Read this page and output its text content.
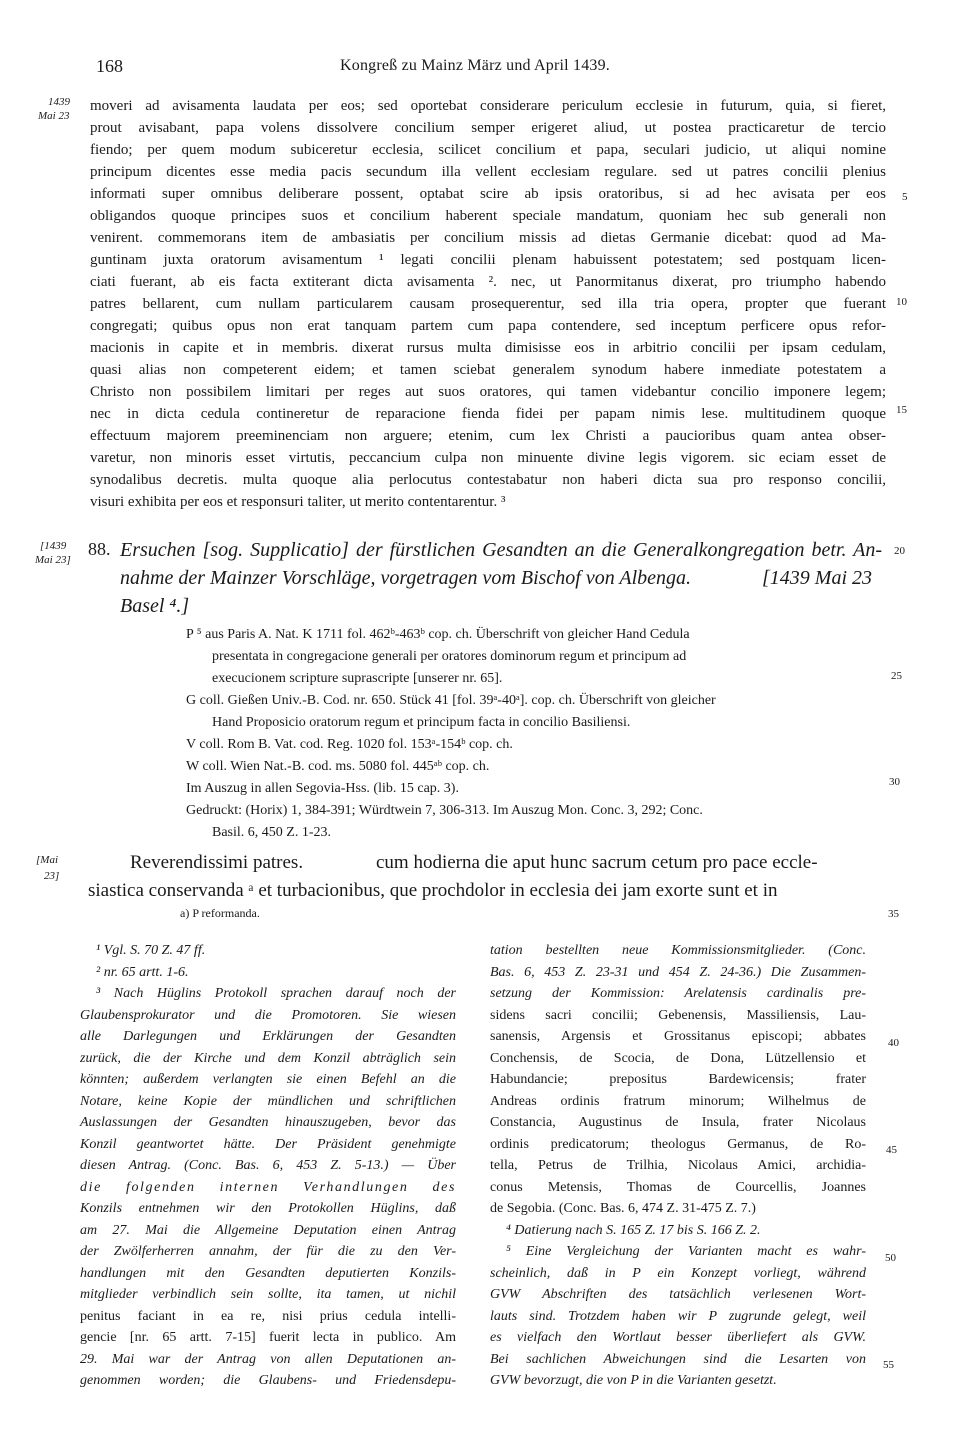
168	Kongreß zu Mainz März und April 1439.
1439
Mai 23
[1439
Mai 23]
[Mai
23]
5
10
15
20
25
30
35
40
45
50
55
moveri ad avisamenta laudata per eos; sed oportebat considerare periculum ecclesie in futurum, quia, si fieret,
prout avisabant, papa volens dissolvere concilium semper erigeret aliud, ut postea practicaretur de tercio
fiendo; per quem modum subiceretur ecclesia, scilicet concilium et papa, seculari judicio, ut aliqui nomine
principum dicentes esse media pacis secundum illa vellent ecclesiam regulare. sed ut patres concilii plenius
informati super omnibus deliberare possent, optabat scire ab ipsis oratoribus, si ad hec avisata per eos
obligandos quoque principes suos et concilium haberent speciale mandatum, quoniam hec sub generali non
venirent. commemorans item de ambasiatis per concilium missis ad dietas Germanie dicebat: quod ad Ma-
guntinam juxta oratorum avisamentum ¹ legati concilii plenam habuissent potestatem; sed postquam licen-
ciati fuerant, ab eis facta extiterant dicta avisamenta ². nec, ut Panormitanus dixerat, pro triumpho habendo
patres bellarent, cum nullam particularem causam prosequerentur, sed illa tria opera, propter que fuerant
congregati; quibus opus non erat tanquam partem cum papa contendere, sed inceptum perficere opus refor-
macionis in capite et in membris. dixerat rursus multa dimisisse eos in arbitrio concilii per ipsam cedulam,
quasi alias non competerent eidem; et tamen sciebat generalem synodum habere inmediate potestatem a
Christo non possibilem limitari per reges aut suos oratores, qui tamen videbantur concilio imponere legem;
nec in dicta cedula contineretur de reparacione fienda fidei per papam nimis lese. multitudinem quoque
effectuum majorem preeminenciam non arguere; etenim, cum lex Christi a paucioribus quam antea obser-
varetur, non minoris esset virtutis, peccancium culpa non minuente divine legis vigorem. sic eciam esset de
synodalibus decretis. multa quoque alia perlocutus contestabatur non haberi dicta sua pro responso concilii,
visuri exhibita per eos et responsuri taliter, ut merito contentarentur. ³
88. Ersuchen [sog. Supplicatio] der fürstlichen Gesandten an die Generalkongregation betr. An-
nahme der Mainzer Vorschläge, vorgetragen vom Bischof von Albenga.	[1439 Mai 23
Basel ⁴.]
P ⁵ aus Paris A. Nat. K 1711 fol. 462ᵇ-463ᵇ cop. ch. Überschrift von gleicher Hand Cedula
presentata in congregacione generali per oratores dominorum regum et principum ad
execucionem scripture suprascripte [unserer nr. 65].
G coll. Gießen Univ.-B. Cod. nr. 650. Stück 41 [fol. 39ᵃ-40ᵃ]. cop. ch. Überschrift von gleicher
Hand Proposicio oratorum regum et principum facta in concilio Basiliensi.
V coll. Rom B. Vat. cod. Reg. 1020 fol. 153ᵃ-154ᵇ cop. ch.
W coll. Wien Nat.-B. cod. ms. 5080 fol. 445ᵃᵇ cop. ch.
Im Auszug in allen Segovia-Hss. (lib. 15 cap. 3).
Gedruckt: (Horix) 1, 384-391; Würdtwein 7, 306-313. Im Auszug Mon. Conc. 3, 292; Conc.
Basil. 6, 450 Z. 1-23.
Reverendissimi patres.	cum hodierna die aput hunc sacrum cetum pro pace eccle-
siastica conservanda ᵃ et turbacionibus, que prochdolor in ecclesia dei jam exorte sunt et in
a) P reformanda.
¹ Vgl. S. 70 Z. 47 ff.
² nr. 65 artt. 1-6.
³ Nach Hüglins Protokoll sprachen darauf noch der
Glaubensprokurator und die Promotoren. Sie wiesen
alle Darlegungen und Erklärungen der Gesandten
zurück, die der Kirche und dem Konzil abträglich sein
könnten; außerdem verlangten sie einen Befehl an die
Notare, keine Kopie der mündlichen und schriftlichen
Auslassungen der Gesandten hinauszugeben, bevor das
Konzil geantwortet hätte. Der Präsident genehmigte
diesen Antrag. (Conc. Bas. 6, 453 Z. 5-13.) — Über
die folgenden internen Verhandlungen des
Konzils entnehmen wir den Protokollen Hüglins, daß
am 27. Mai die Allgemeine Deputation einen Antrag
der Zwölferherren annahm, der für die zu den Ver-
handlungen mit den Gesandten deputierten Konzils-
mitglieder verbindlich sein sollte, ita tamen, ut nichil
penitus faciant in ea re, nisi prius cedula intelli-
gencie [nr. 65 artt. 7-15] fuerit lecta in publico. Am
29. Mai war der Antrag von allen Deputationen an-
genommen worden; die Glaubens- und Friedensdepu-
tation bestellten neue Kommissionsmitglieder. (Conc.
Bas. 6, 453 Z. 23-31 und 454 Z. 24-36.) Die Zusammen-
setzung der Kommission: Arelatensis cardinalis pre-
sidens sacri concilii; Gebenensis, Massiliensis, Lau-
sanensis, Argensis et Grossitanus episcopi; abbates
Conchensis, de Scocia, de Dona, Lützellensio et
Habundancie; prepositus Bardewicensis; frater
Andreas ordinis fratrum minorum; Wilhelmus de
Constancia, Augustinus de Insula, frater Nicolaus
ordinis predicatorum; theologus Germanus, de Ro-
tella, Petrus de Trilhia, Nicolaus Amici, archidia-
conus Metensis, Thomas de Courcellis, Joannes
de Segobia. (Conc. Bas. 6, 474 Z. 31-475 Z. 7.)
⁴ Datierung nach S. 165 Z. 17 bis S. 166 Z. 2.
⁵ Eine Vergleichung der Varianten macht es wahr-
scheinlich, daß in P ein Konzept vorliegt, während
GVW Abschriften des tatsächlich verlesenen Wort-
lauts sind. Trotzdem haben wir P zugrunde gelegt, weil
es vielfach den Wortlaut besser überliefert als GVW.
Bei sachlichen Abweichungen sind die Lesarten von
GVW bevorzugt, die von P in die Varianten gesetzt.
